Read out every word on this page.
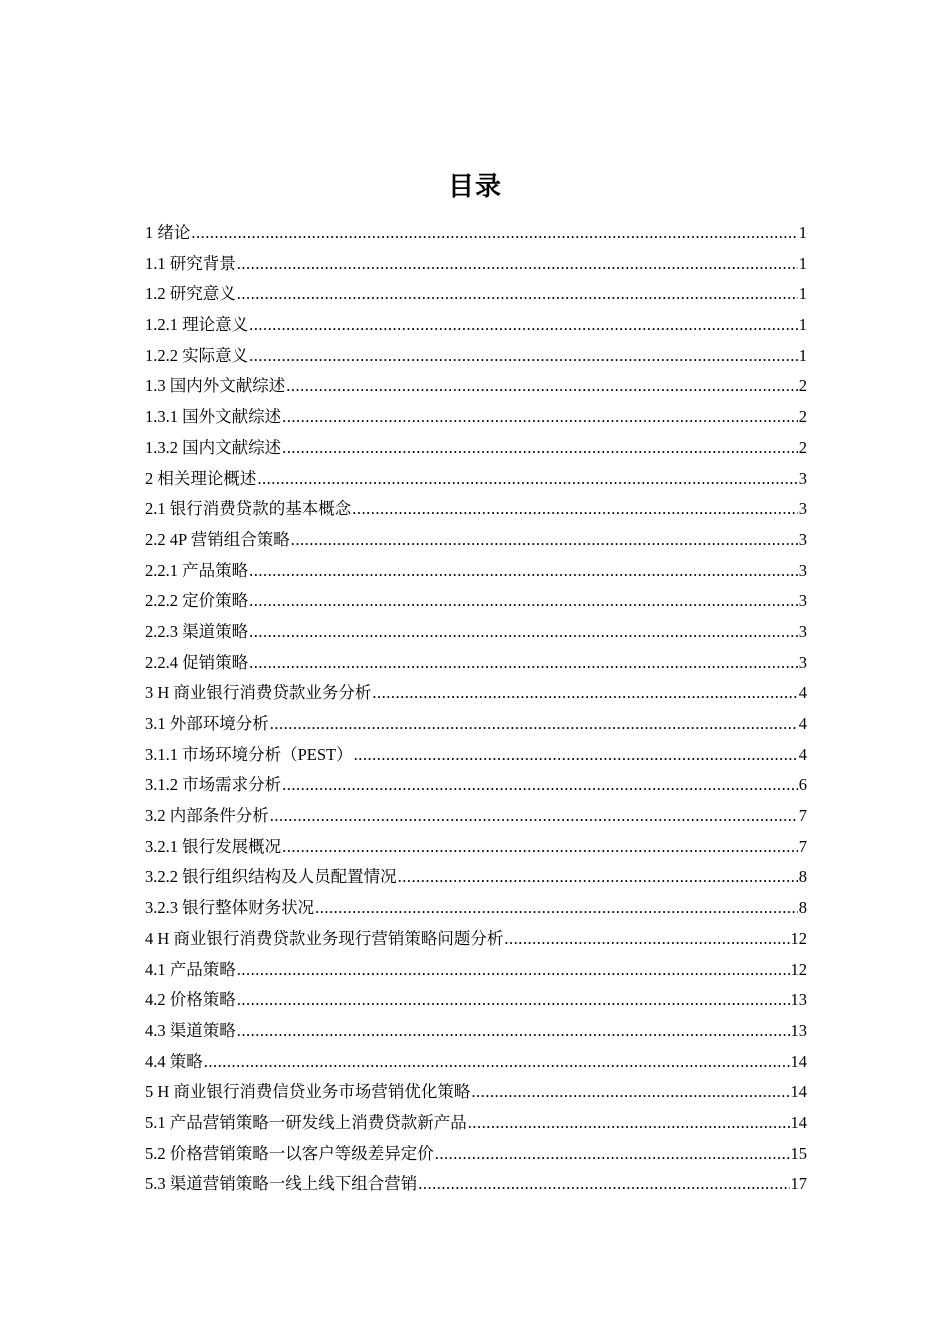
目录
1 绪论 .....	1
1.1 研究背景 .....	1
1.2 研究意义 .....	1
1.2.1 理论意义 .....	1
1.2.2 实际意义 .....	1
1.3 国内外文献综述 .....	2
1.3.1 国外文献综述 .....	2
1.3.2 国内文献综述 .....	2
2 相关理论概述 .....	3
2.1 银行消费贷款的基本概念 .....	3
2.2 4P 营销组合策略 .....	3
2.2.1 产品策略 .....	3
2.2.2 定价策略 .....	3
2.2.3 渠道策略 .....	3
2.2.4 促销策略 .....	3
3 H 商业银行消费贷款业务分析 .....	4
3.1 外部环境分析 .....	4
3.1.1 市场环境分析（PEST） .....	4
3.1.2 市场需求分析 .....	6
3.2 内部条件分析 .....	7
3.2.1 银行发展概况 .....	7
3.2.2 银行组织结构及人员配置情况 .....	8
3.2.3 银行整体财务状况 .....	8
4 H 商业银行消费贷款业务现行营销策略问题分析 .....	12
4.1 产品策略 .....	12
4.2 价格策略 .....	13
4.3 渠道策略 .....	13
4.4 策略 .....	14
5 H 商业银行消费信贷业务市场营销优化策略 .....	14
5.1 产品营销策略一研发线上消费贷款新产品 .....	14
5.2 价格营销策略一以客户等级差异定价 .....	15
5.3 渠道营销策略一线上线下组合营销 .....	17
